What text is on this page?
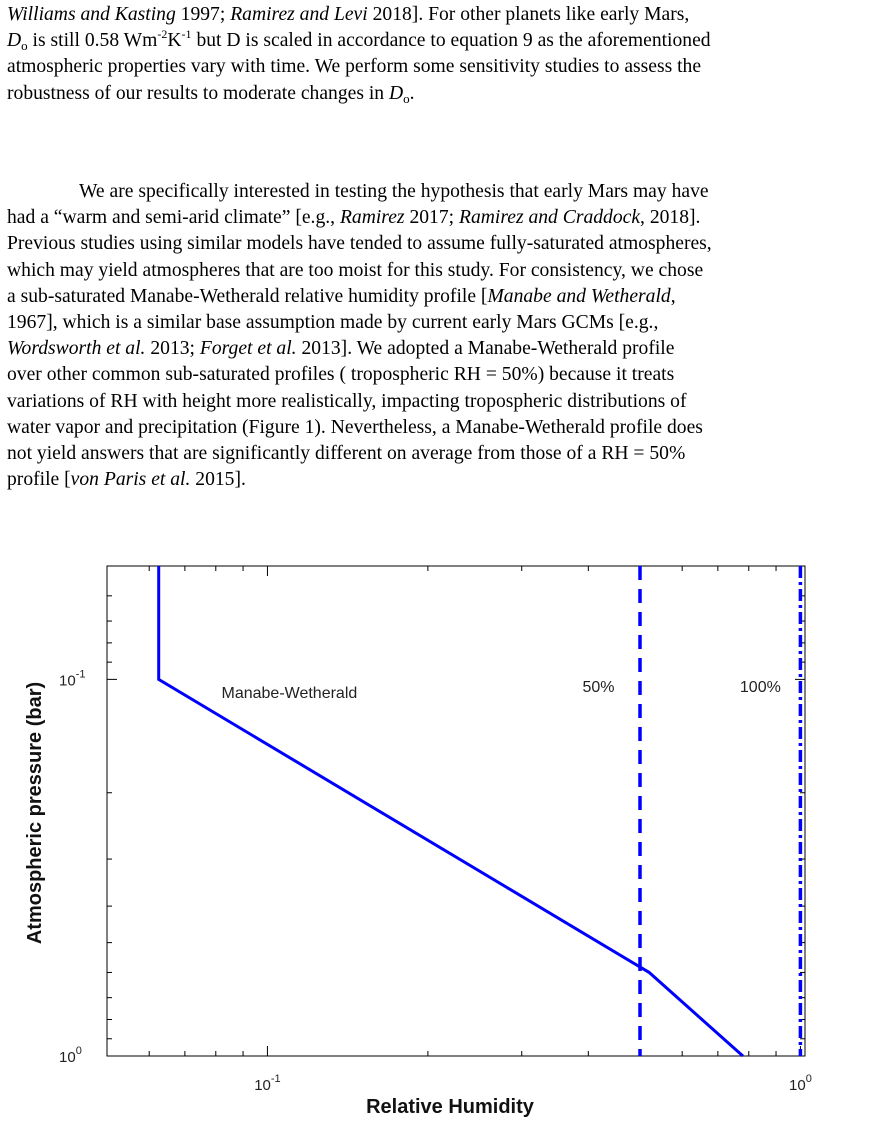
Williams and Kasting 1997; Ramirez and Levi 2018]. For other planets like early Mars,
$D_o$ is still 0.58 $Wm^{-2}K^{-1}$ but D is scaled in accordance to equation 9 as the aforementioned
atmospheric properties vary with time. We perform some sensitivity studies to assess the
robustness of our results to moderate changes in $D_o$.
We are specifically interested in testing the hypothesis that early Mars may have
had a “warm and semi-arid climate” [e.g., Ramirez 2017; Ramirez and Craddock, 2018].
Previous studies using similar models have tended to assume fully-saturated atmospheres,
which may yield atmospheres that are too moist for this study. For consistency, we chose
a sub-saturated Manabe-Wetherald relative humidity profile [Manabe and Wetherald,
1967], which is a similar base assumption made by current early Mars GCMs [e.g.,
Wordsworth et al. 2013; Forget et al. 2013]. We adopted a Manabe-Wetherald profile
over other common sub-saturated profiles ( tropospheric RH = 50%) because it treats
variations of RH with height more realistically, impacting tropospheric distributions of
water vapor and precipitation (Figure 1). Nevertheless, a Manabe-Wetherald profile does
not yield answers that are significantly different on average from those of a RH = 50%
profile [von Paris et al. 2015].
$10^{-1}$	$10^0$
$10^{-1}$
$10^0$
Manabe-Wetherald	50%	100%
Relative Humidity
Atmospheric pressure (bar)
